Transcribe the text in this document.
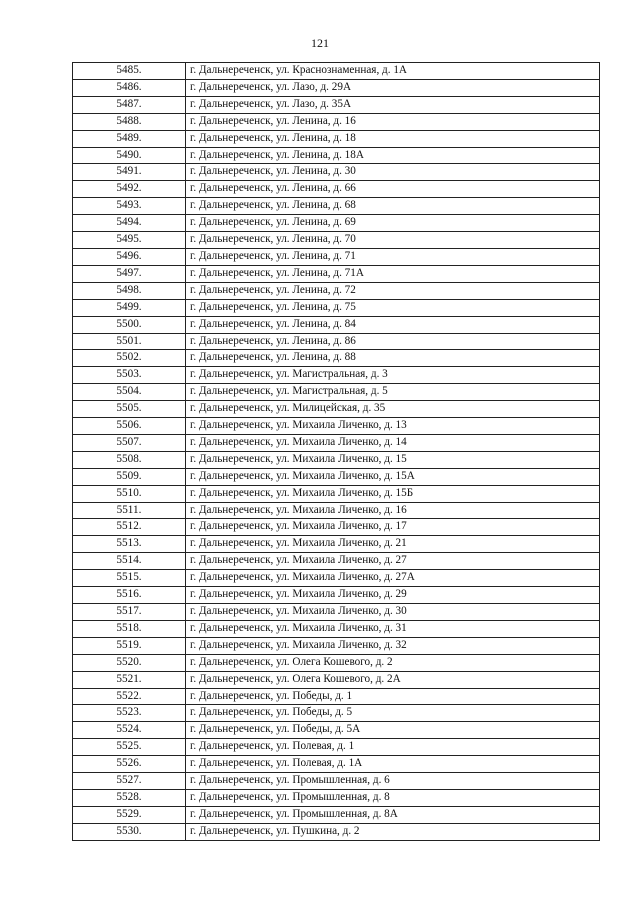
121
5485.	г. Дальнереченск, ул. Краснознаменная, д. 1А
5486.	г. Дальнереченск, ул. Лазо, д. 29А
5487.	г. Дальнереченск, ул. Лазо, д. 35А
5488.	г. Дальнереченск, ул. Ленина, д. 16
5489.	г. Дальнереченск, ул. Ленина, д. 18
5490.	г. Дальнереченск, ул. Ленина, д. 18А
5491.	г. Дальнереченск, ул. Ленина, д. 30
5492.	г. Дальнереченск, ул. Ленина, д. 66
5493.	г. Дальнереченск, ул. Ленина, д. 68
5494.	г. Дальнереченск, ул. Ленина, д. 69
5495.	г. Дальнереченск, ул. Ленина, д. 70
5496.	г. Дальнереченск, ул. Ленина, д. 71
5497.	г. Дальнереченск, ул. Ленина, д. 71А
5498.	г. Дальнереченск, ул. Ленина, д. 72
5499.	г. Дальнереченск, ул. Ленина, д. 75
5500.	г. Дальнереченск, ул. Ленина, д. 84
5501.	г. Дальнереченск, ул. Ленина, д. 86
5502.	г. Дальнереченск, ул. Ленина, д. 88
5503.	г. Дальнереченск, ул. Магистральная, д. 3
5504.	г. Дальнереченск, ул. Магистральная, д. 5
5505.	г. Дальнереченск, ул. Милицейская, д. 35
5506.	г. Дальнереченск, ул. Михаила Личенко, д. 13
5507.	г. Дальнереченск, ул. Михаила Личенко, д. 14
5508.	г. Дальнереченск, ул. Михаила Личенко, д. 15
5509.	г. Дальнереченск, ул. Михаила Личенко, д. 15А
5510.	г. Дальнереченск, ул. Михаила Личенко, д. 15Б
5511.	г. Дальнереченск, ул. Михаила Личенко, д. 16
5512.	г. Дальнереченск, ул. Михаила Личенко, д. 17
5513.	г. Дальнереченск, ул. Михаила Личенко, д. 21
5514.	г. Дальнереченск, ул. Михаила Личенко, д. 27
5515.	г. Дальнереченск, ул. Михаила Личенко, д. 27А
5516.	г. Дальнереченск, ул. Михаила Личенко, д. 29
5517.	г. Дальнереченск, ул. Михаила Личенко, д. 30
5518.	г. Дальнереченск, ул. Михаила Личенко, д. 31
5519.	г. Дальнереченск, ул. Михаила Личенко, д. 32
5520.	г. Дальнереченск, ул. Олега Кошевого, д. 2
5521.	г. Дальнереченск, ул. Олега Кошевого, д. 2А
5522.	г. Дальнереченск, ул. Победы, д. 1
5523.	г. Дальнереченск, ул. Победы, д. 5
5524.	г. Дальнереченск, ул. Победы, д. 5А
5525.	г. Дальнереченск, ул. Полевая, д. 1
5526.	г. Дальнереченск, ул. Полевая, д. 1А
5527.	г. Дальнереченск, ул. Промышленная, д. 6
5528.	г. Дальнереченск, ул. Промышленная, д. 8
5529.	г. Дальнереченск, ул. Промышленная, д. 8А
5530.	г. Дальнереченск, ул. Пушкина, д. 2
